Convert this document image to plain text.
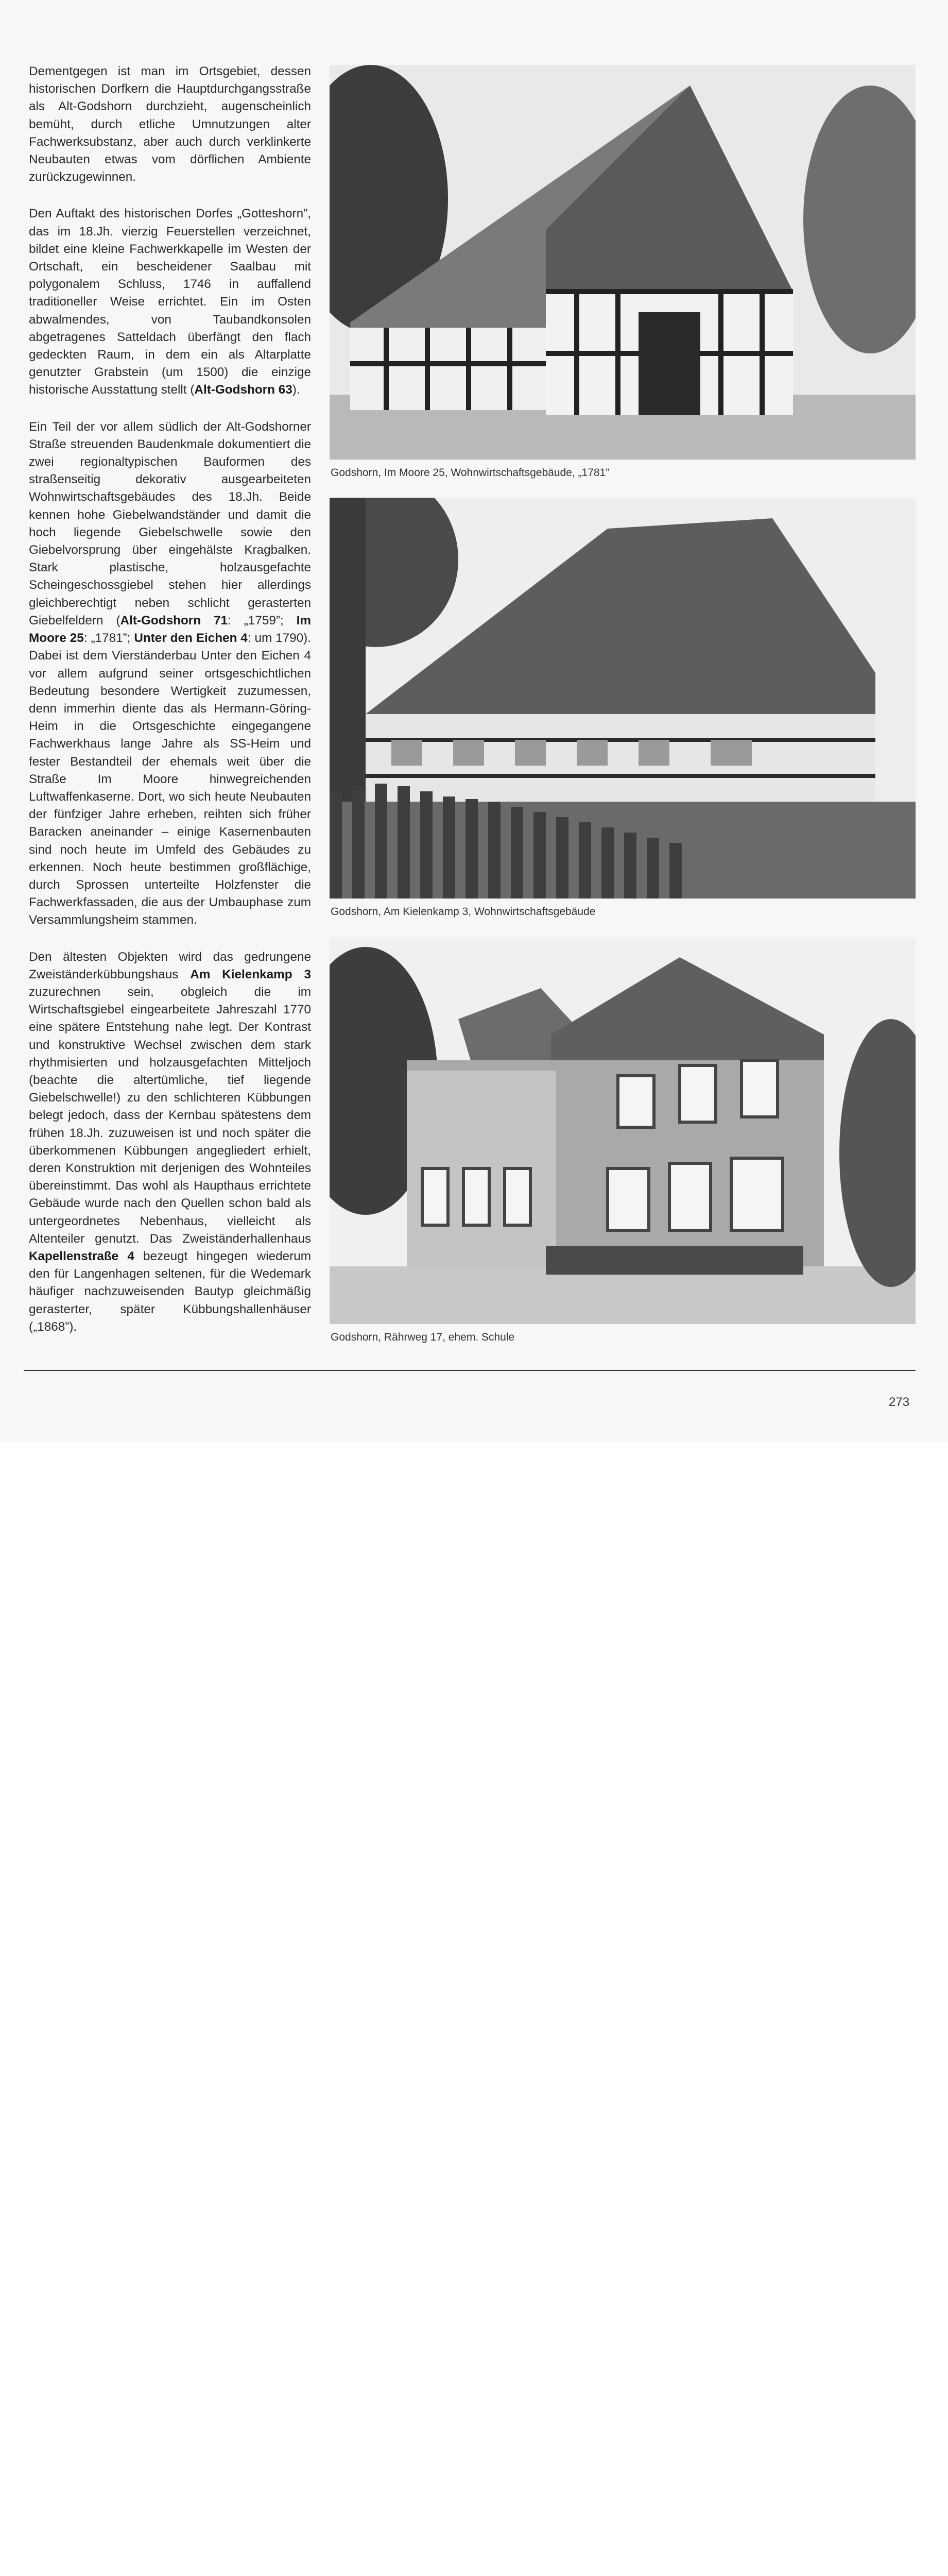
Dementgegen ist man im Ortsgebiet, dessen historischen Dorfkern die Hauptdurchgangsstraße als Alt-Godshorn durchzieht, augenscheinlich bemüht, durch etliche Umnutzungen alter Fachwerksubstanz, aber auch durch verklinkerte Neubauten etwas vom dörflichen Ambiente zurückzugewinnen.

Den Auftakt des historischen Dorfes „Gotteshorn”, das im 18.Jh. vierzig Feuerstellen verzeichnet, bildet eine kleine Fachwerkkapelle im Westen der Ortschaft, ein bescheidener Saalbau mit polygonalem Schluss, 1746 in auffallend traditioneller Weise errichtet. Ein im Osten abwalmendes, von Taubandkonsolen abgetragenes Satteldach überfängt den flach gedeckten Raum, in dem ein als Altarplatte genutzter Grabstein (um 1500) die einzige historische Ausstattung stellt (Alt-Godshorn 63).

Ein Teil der vor allem südlich der Alt-Godshorner Straße streuenden Baudenkmale dokumentiert die zwei regionaltypischen Bauformen des straßenseitig dekorativ ausgearbeiteten Wohnwirtschaftsgebäudes des 18.Jh. Beide kennen hohe Giebelwandständer und damit die hoch liegende Giebelschwelle sowie den Giebelvorsprung über eingehälste Kragbalken. Stark plastische, holzausgefachte Scheingeschossgiebel stehen hier allerdings gleichberechtigt neben schlicht gerasterten Giebelfeldern (Alt-Godshorn 71: „1759”; Im Moore 25: „1781”; Unter den Eichen 4: um 1790). Dabei ist dem Vierständerbau Unter den Eichen 4 vor allem aufgrund seiner ortsgeschichtlichen Bedeutung besondere Wertigkeit zuzumessen, denn immerhin diente das als Hermann-Göring-Heim in die Ortsgeschichte eingegangene Fachwerkhaus lange Jahre als SS-Heim und fester Bestandteil der ehemals weit über die Straße Im Moore hinwegreichenden Luftwaffenkaserne. Dort, wo sich heute Neubauten der fünfziger Jahre erheben, reihten sich früher Baracken aneinander – einige Kasernenbauten sind noch heute im Umfeld des Gebäudes zu erkennen. Noch heute bestimmen großflächige, durch Sprossen unterteilte Holzfenster die Fachwerkfassaden, die aus der Umbauphase zum Versammlungsheim stammen.

Den ältesten Objekten wird das gedrungene Zweiständerkübbungshaus Am Kielenkamp 3 zuzurechnen sein, obgleich die im Wirtschaftsgiebel eingearbeitete Jahreszahl 1770 eine spätere Entstehung nahe legt. Der Kontrast und konstruktive Wechsel zwischen dem stark rhythmisierten und holzausgefachten Mitteljoch (beachte die altertümliche, tief liegende Giebelschwelle!) zu den schlichteren Kübbungen belegt jedoch, dass der Kernbau spätestens dem frühen 18.Jh. zuzuweisen ist und noch später die überkommenen Kübbungen angegliedert erhielt, deren Konstruktion mit derjenigen des Wohnteiles übereinstimmt. Das wohl als Haupthaus errichtete Gebäude wurde nach den Quellen schon bald als untergeordnetes Nebenhaus, vielleicht als Altenteiler genutzt. Das Zweiständerhallenhaus Kapellenstraße 4 bezeugt hingegen wiederum den für Langenhagen seltenen, für die Wedemark häufiger nachzuweisenden Bautyp gleichmäßig gerasterter, später Kübbungshallenhäuser („1868”).

Godshorn, Im Moore 25, Wohnwirtschaftsgebäude, „1781”
Godshorn, Am Kielenkamp 3, Wohnwirtschaftsgebäude
Godshorn, Rährweg 17, ehem. Schule
273
